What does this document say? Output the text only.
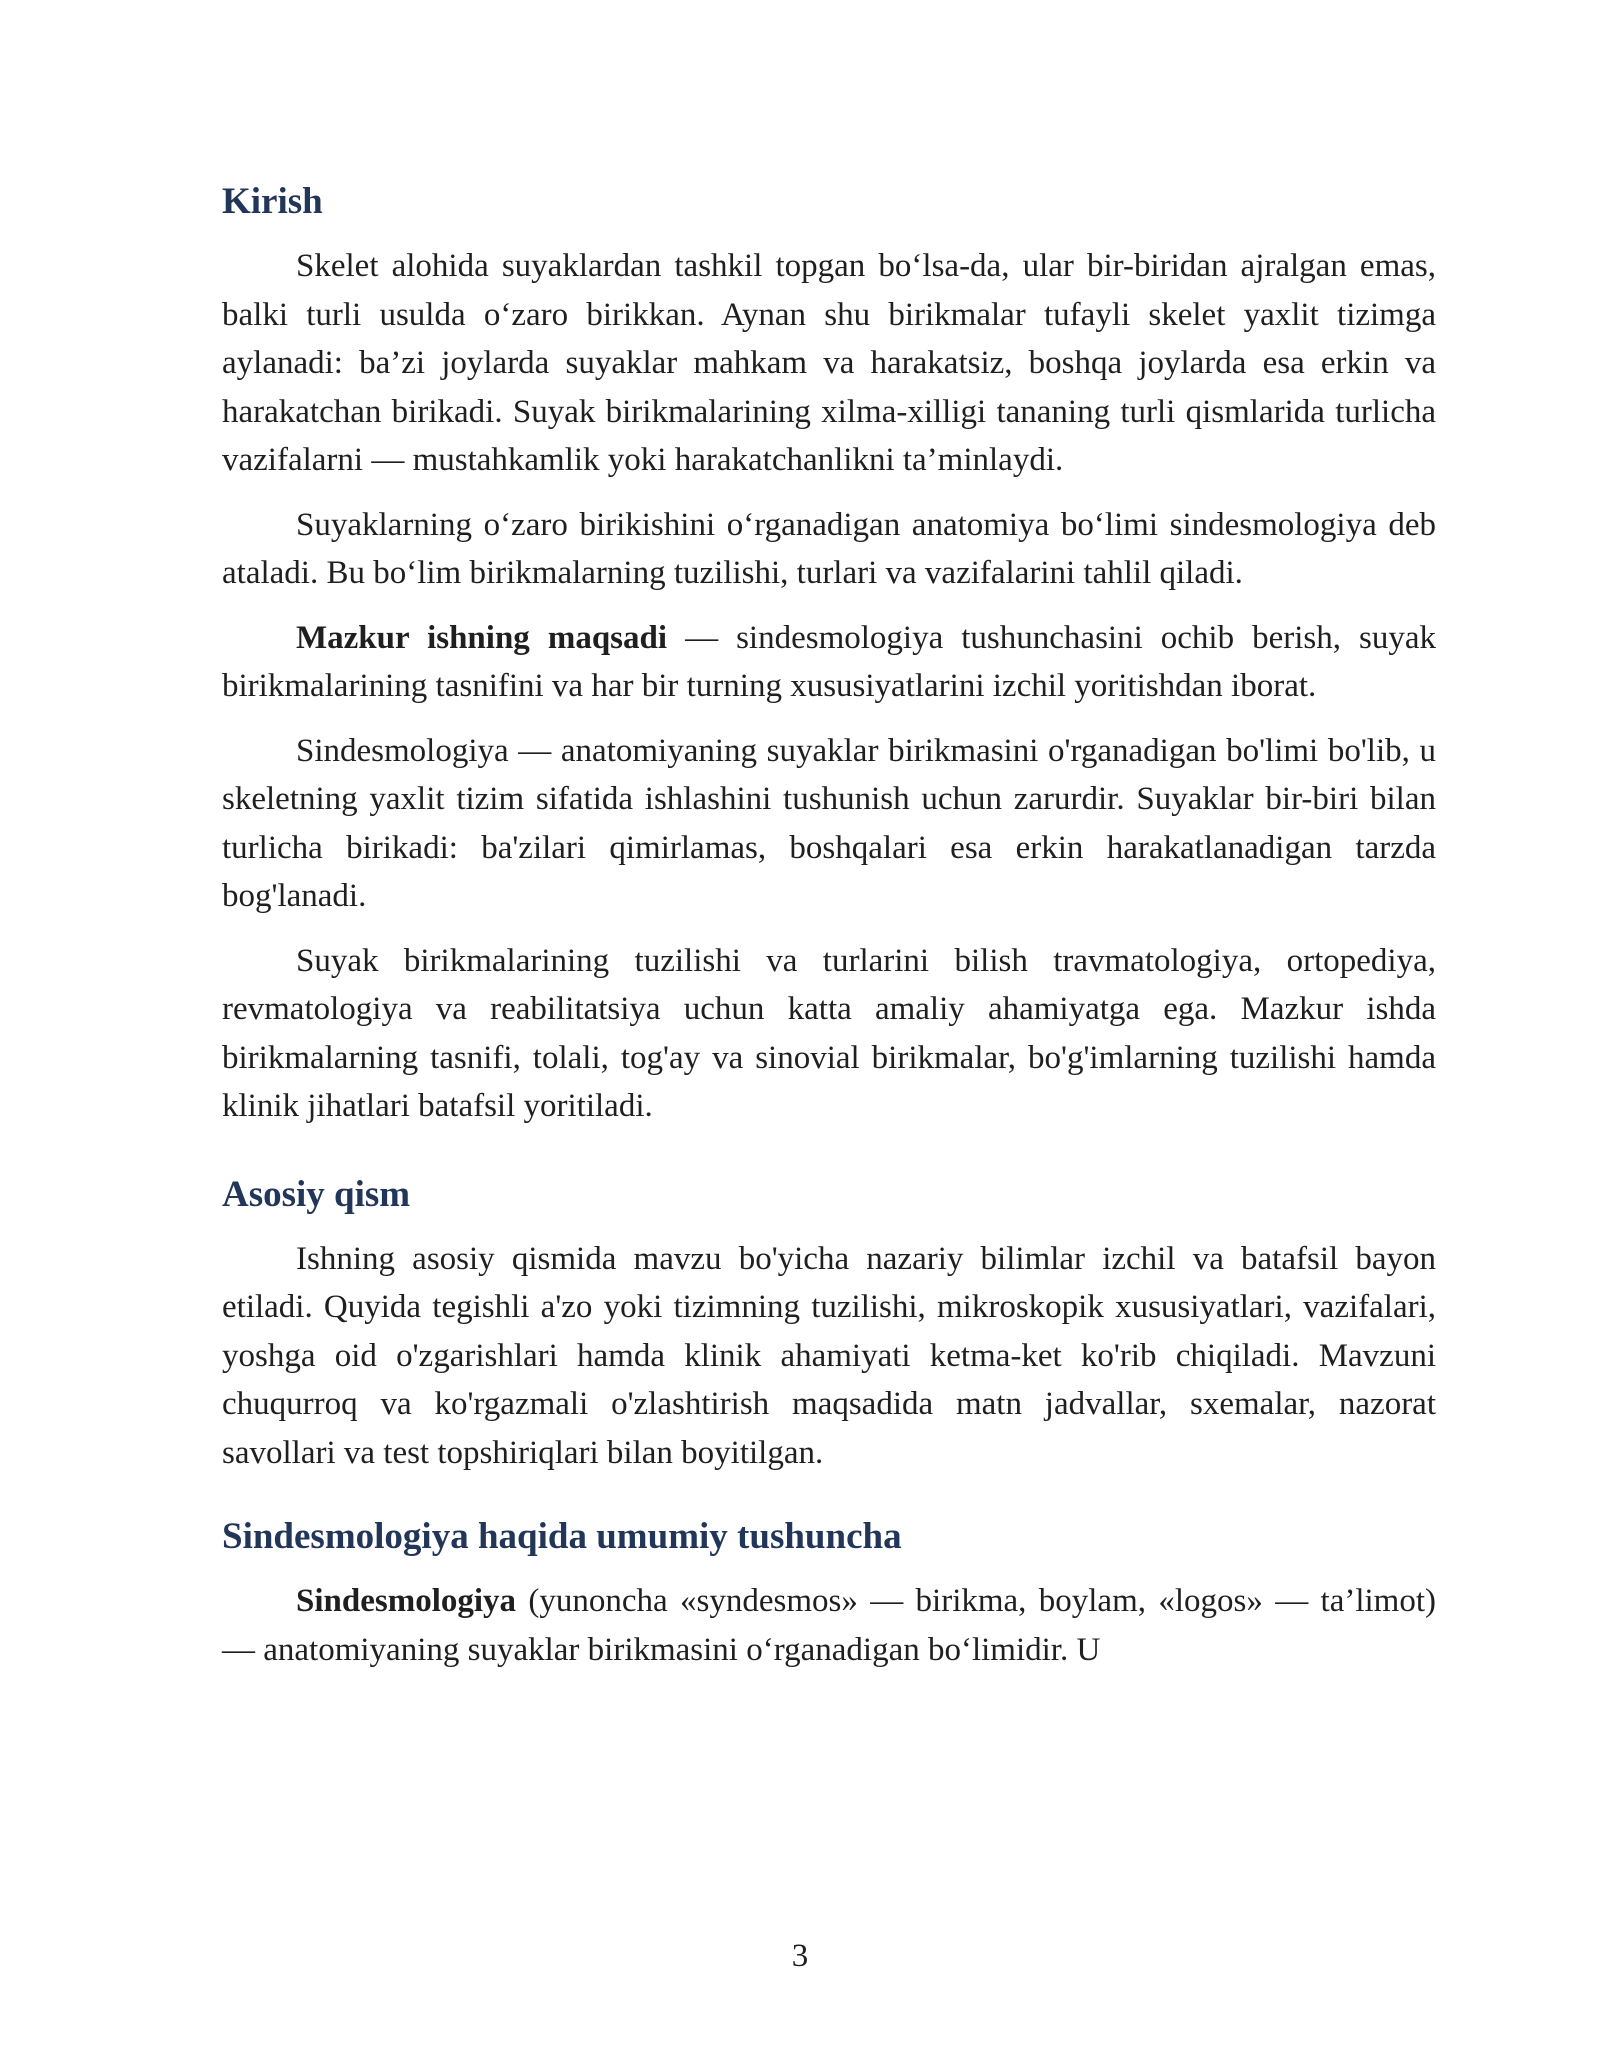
Kirish

Skelet alohida suyaklardan tashkil topgan bo‘lsa-da, ular bir-biridan ajralgan emas, balki turli usulda o‘zaro birikkan. Aynan shu birikmalar tufayli skelet yaxlit tizimga aylanadi: ba’zi joylarda suyaklar mahkam va harakatsiz, boshqa joylarda esa erkin va harakatchan birikadi. Suyak birikmalarining xilma-xilligi tananing turli qismlarida turlicha vazifalarni — mustahkamlik yoki harakatchanlikni ta’minlaydi.

Suyaklarning o‘zaro birikishini o‘rganadigan anatomiya bo‘limi sindesmologiya deb ataladi. Bu bo‘lim birikmalarning tuzilishi, turlari va vazifalarini tahlil qiladi.

Mazkur ishning maqsadi — sindesmologiya tushunchasini ochib berish, suyak birikmalarining tasnifini va har bir turning xususiyatlarini izchil yoritishdan iborat.

Sindesmologiya — anatomiyaning suyaklar birikmasini o'rganadigan bo'limi bo'lib, u skeletning yaxlit tizim sifatida ishlashini tushunish uchun zarurdir. Suyaklar bir-biri bilan turlicha birikadi: ba'zilari qimirlamas, boshqalari esa erkin harakatlanadigan tarzda bog'lanadi.

Suyak birikmalarining tuzilishi va turlarini bilish travmatologiya, ortopediya, revmatologiya va reabilitatsiya uchun katta amaliy ahamiyatga ega. Mazkur ishda birikmalarning tasnifi, tolali, tog'ay va sinovial birikmalar, bo'g'imlarning tuzilishi hamda klinik jihatlari batafsil yoritiladi.

Asosiy qism

Ishning asosiy qismida mavzu bo'yicha nazariy bilimlar izchil va batafsil bayon etiladi. Quyida tegishli a'zo yoki tizimning tuzilishi, mikroskopik xususiyatlari, vazifalari, yoshga oid o'zgarishlari hamda klinik ahamiyati ketma-ket ko'rib chiqiladi. Mavzuni chuqurroq va ko'rgazmali o'zlashtirish maqsadida matn jadvallar, sxemalar, nazorat savollari va test topshiriqlari bilan boyitilgan.

Sindesmologiya haqida umumiy tushuncha

Sindesmologiya (yunoncha «syndesmos» — birikma, boylam, «logos» — ta’limot) — anatomiyaning suyaklar birikmasini o‘rganadigan bo‘limidir. U

3
